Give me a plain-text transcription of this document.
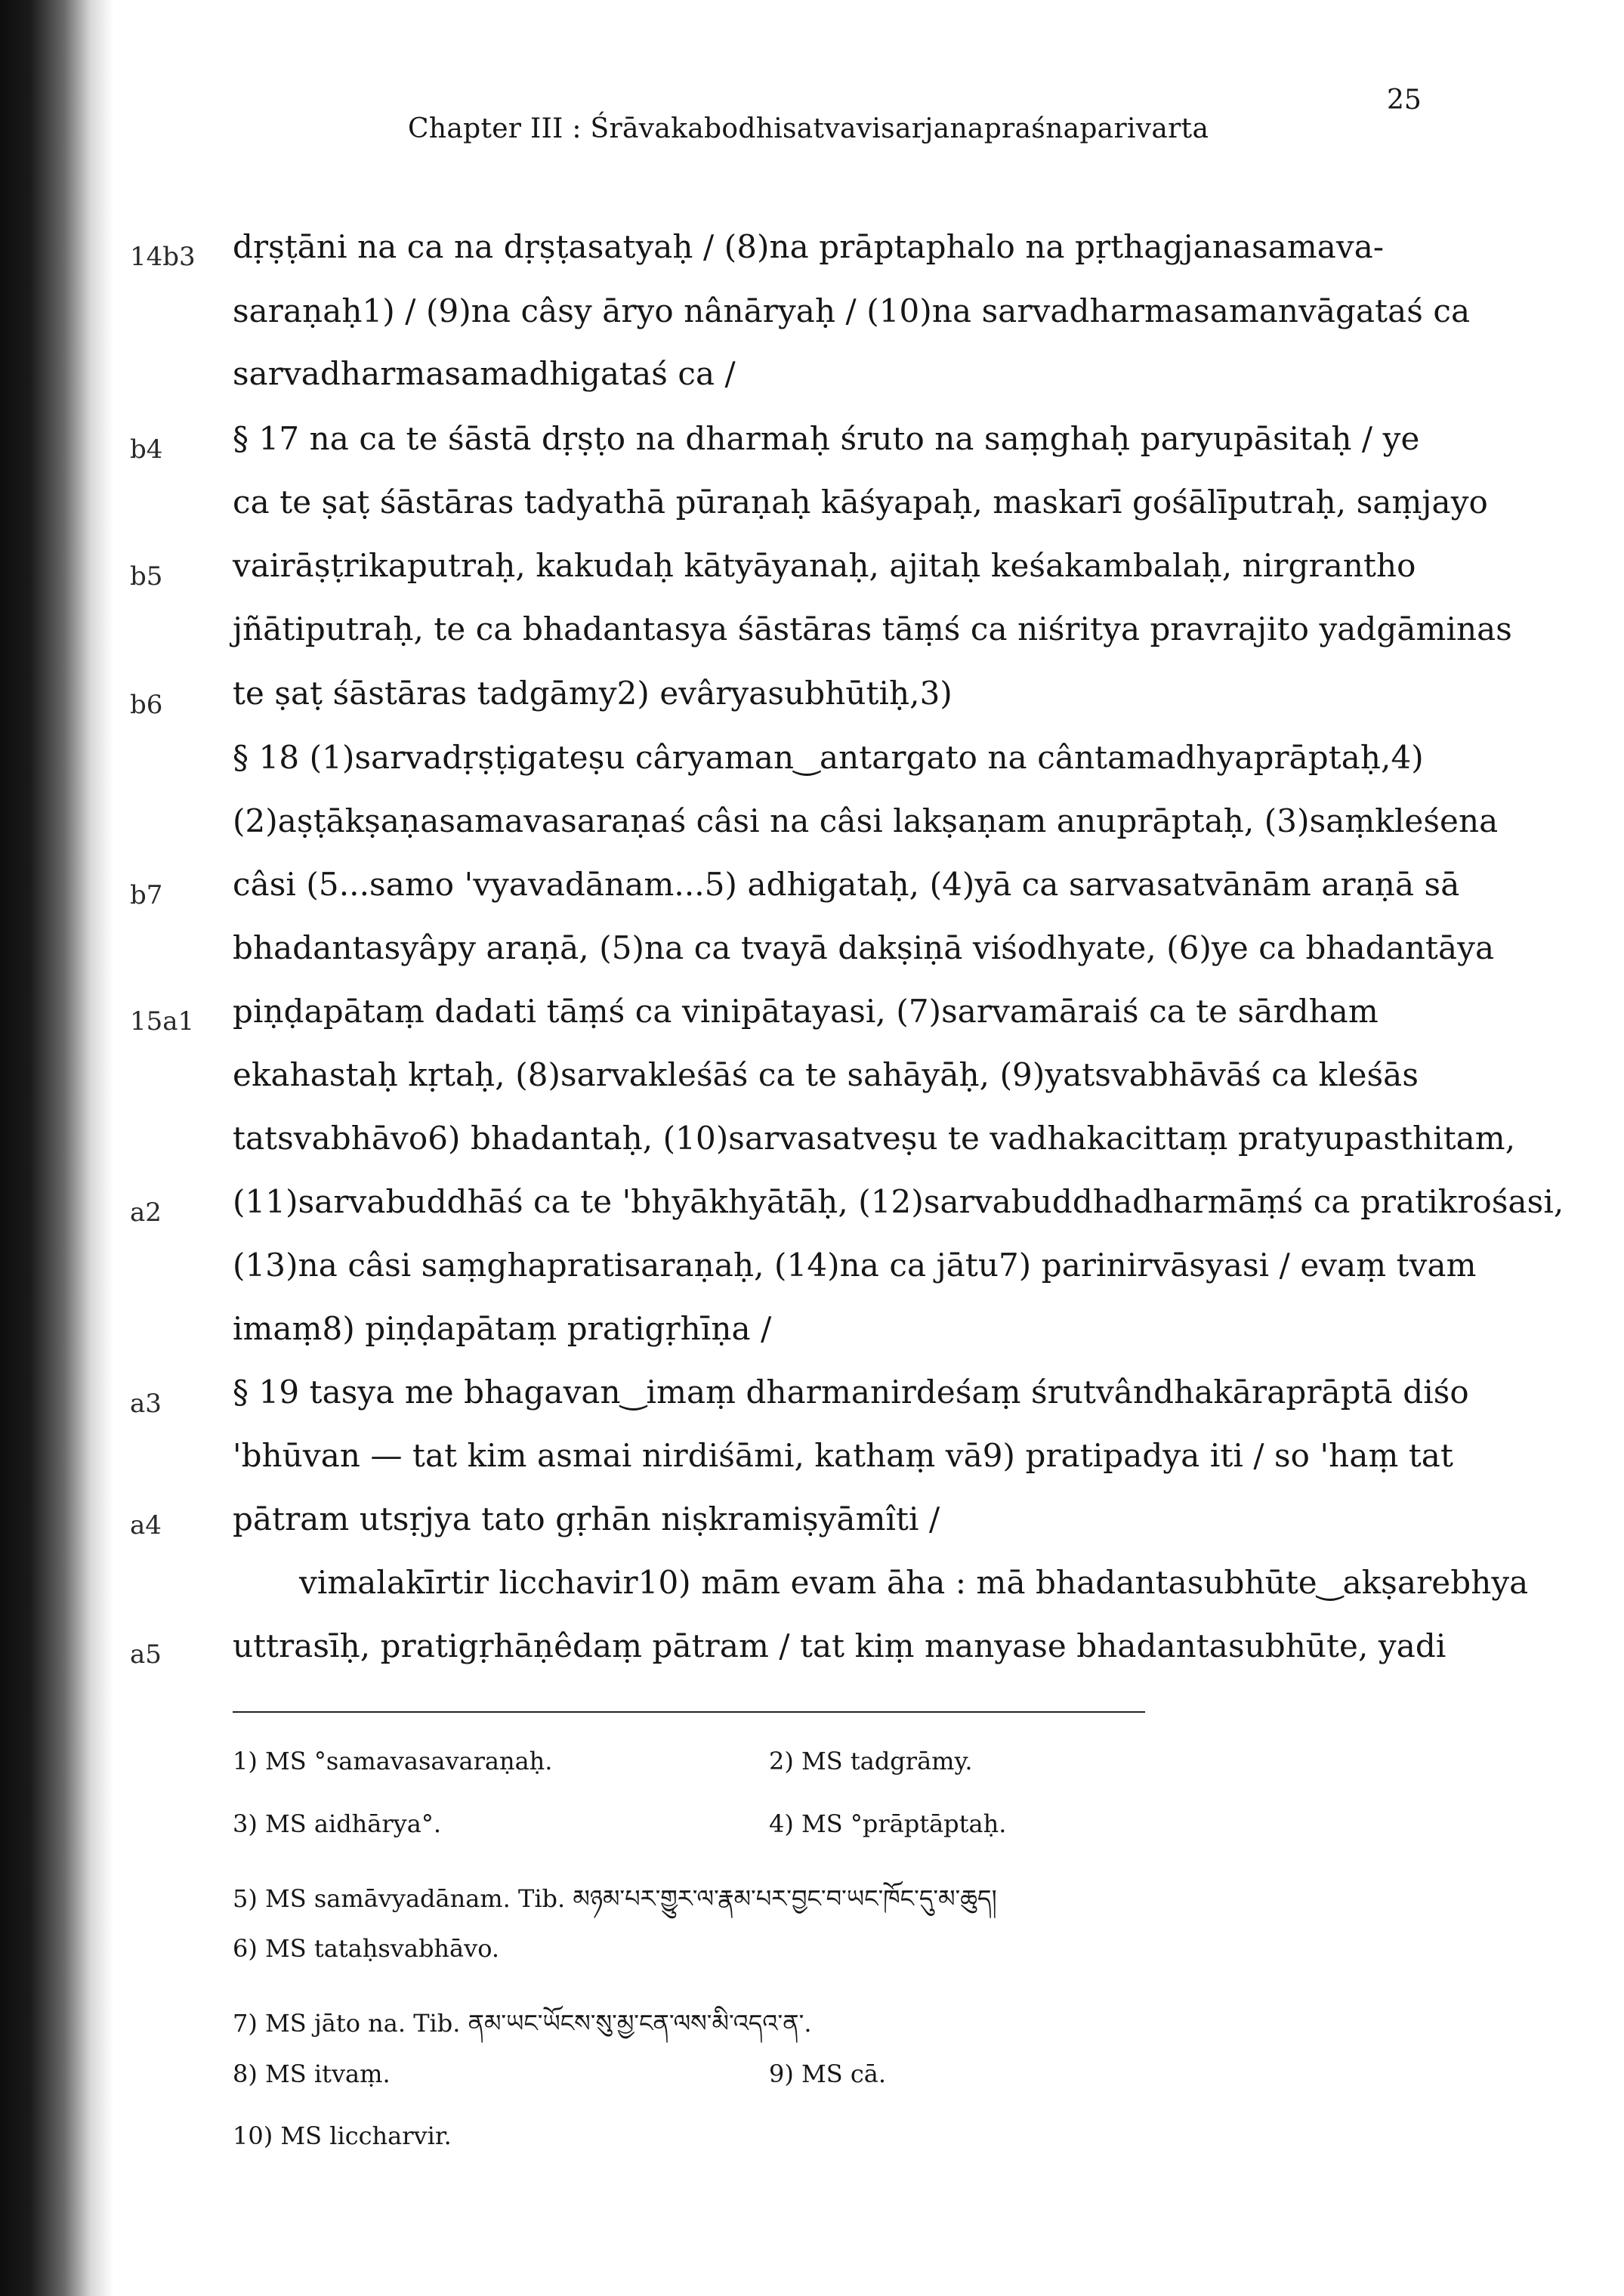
Chapter III : Śrāvakabodhisatvavisarjanapraśnaparivarta
25
14b3
b4
b5
b6
b7
15a1
a2
a3
a4
a5
dṛṣṭāni na ca na dṛṣṭasatyaḥ / (8)na prāptaphalo na pṛthagjanasamava-
saraṇaḥ1) / (9)na câsy āryo nânāryaḥ / (10)na sarvadharmasamanvāgataś ca
sarvadharmasamadhigataś ca /
§ 17 na ca te śāstā dṛṣṭo na dharmaḥ śruto na saṃghaḥ paryupāsitaḥ / ye
ca te ṣaṭ śāstāras tadyathā pūraṇaḥ kāśyapaḥ, maskarī gośālīputraḥ, saṃjayo
vairāṣṭrikaputraḥ, kakudaḥ kātyāyanaḥ, ajitaḥ keśakambalaḥ, nirgrantho
jñātiputraḥ, te ca bhadantasya śāstāras tāṃś ca niśritya pravrajito yadgāminas
te ṣaṭ śāstāras tadgāmy2) evâryasubhūtiḥ,3)
§ 18 (1)sarvadṛṣṭigateṣu câryaman‿antargato na cântamadhyaprāptaḥ,4)
(2)aṣṭākṣaṇasamavasaraṇaś câsi na câsi lakṣaṇam anuprāptaḥ, (3)saṃkleśena
câsi (5...samo 'vyavadānam...5) adhigataḥ, (4)yā ca sarvasatvānām araṇā sā
bhadantasyâpy araṇā, (5)na ca tvayā dakṣiṇā viśodhyate, (6)ye ca bhadantāya
piṇḍapātaṃ dadati tāṃś ca vinipātayasi, (7)sarvamāraiś ca te sārdham
ekahastaḥ kṛtaḥ, (8)sarvakleśāś ca te sahāyāḥ, (9)yatsvabhāvāś ca kleśās
tatsvabhāvo6) bhadantaḥ, (10)sarvasatveṣu te vadhakacittaṃ pratyupasthitam,
(11)sarvabuddhāś ca te 'bhyākhyātāḥ, (12)sarvabuddhadharmāṃś ca pratikrośasi,
(13)na câsi saṃghapratisaraṇaḥ, (14)na ca jātu7) parinirvāsyasi / evaṃ tvam
imaṃ8) piṇḍapātaṃ pratigṛhīṇa /
§ 19 tasya me bhagavan‿imaṃ dharmanirdeśaṃ śrutvândhakāraprāptā diśo
'bhūvan — tat kim asmai nirdiśāmi, kathaṃ vā9) pratipadya iti / so 'haṃ tat
pātram utsṛjya tato gṛhān niṣkramiṣyāmîti /
vimalakīrtir licchavir10) mām evam āha : mā bhadantasubhūte‿akṣarebhya
uttrasīḥ, pratigṛhāṇêdaṃ pātram / tat kiṃ manyase bhadantasubhūte, yadi
1) MS °samavasavaraṇaḥ.	2) MS tadgrāmy.
3) MS aidhārya°.	4) MS °prāptāptaḥ.
5) MS samāvyadānam. Tib. མཉམ་པར་གྱུར་ལ་རྣམ་པར་བྱང་བ་ཡང་ཁོང་དུ་མ་ཆུད།
6) MS tataḥsvabhāvo.
7) MS jāto na. Tib. ནམ་ཡང་ཡོངས་སུ་མྱ་ངན་ལས་མི་འདའ་ན་.
8) MS itvaṃ.	9) MS cā.
10) MS liccharvir.
